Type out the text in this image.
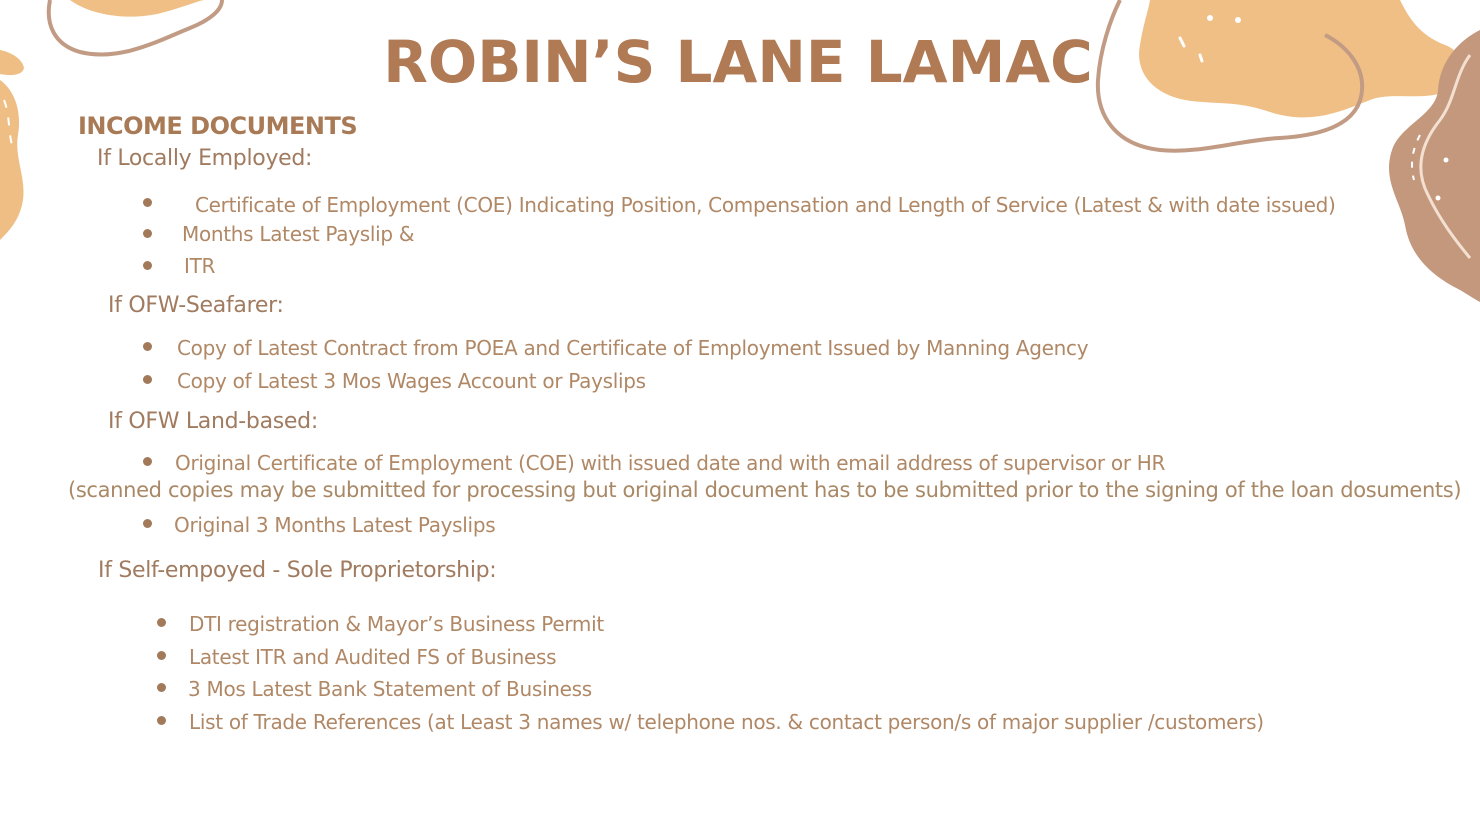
ROBIN’S LANE LAMAC
INCOME DOCUMENTS
If Locally Employed:
Certificate of Employment (COE) Indicating Position, Compensation and Length of Service (Latest & with date issued)
Months Latest Payslip &
ITR
If OFW-Seafarer:
Copy of Latest Contract from POEA and Certificate of Employment Issued by Manning Agency
Copy of Latest 3 Mos Wages Account or Payslips
If OFW Land-based:
Original Certificate of Employment (COE) with issued date and with email address of supervisor or HR
(scanned copies may be submitted for processing but original document has to be submitted prior to the signing of the loan dosuments)
Original 3 Months Latest Payslips
If Self-empoyed - Sole Proprietorship:
DTI registration & Mayor’s Business Permit
Latest ITR and Audited FS of Business
3 Mos Latest Bank Statement of Business
List of Trade References (at Least 3 names w/ telephone nos. & contact person/s of major supplier /customers)
